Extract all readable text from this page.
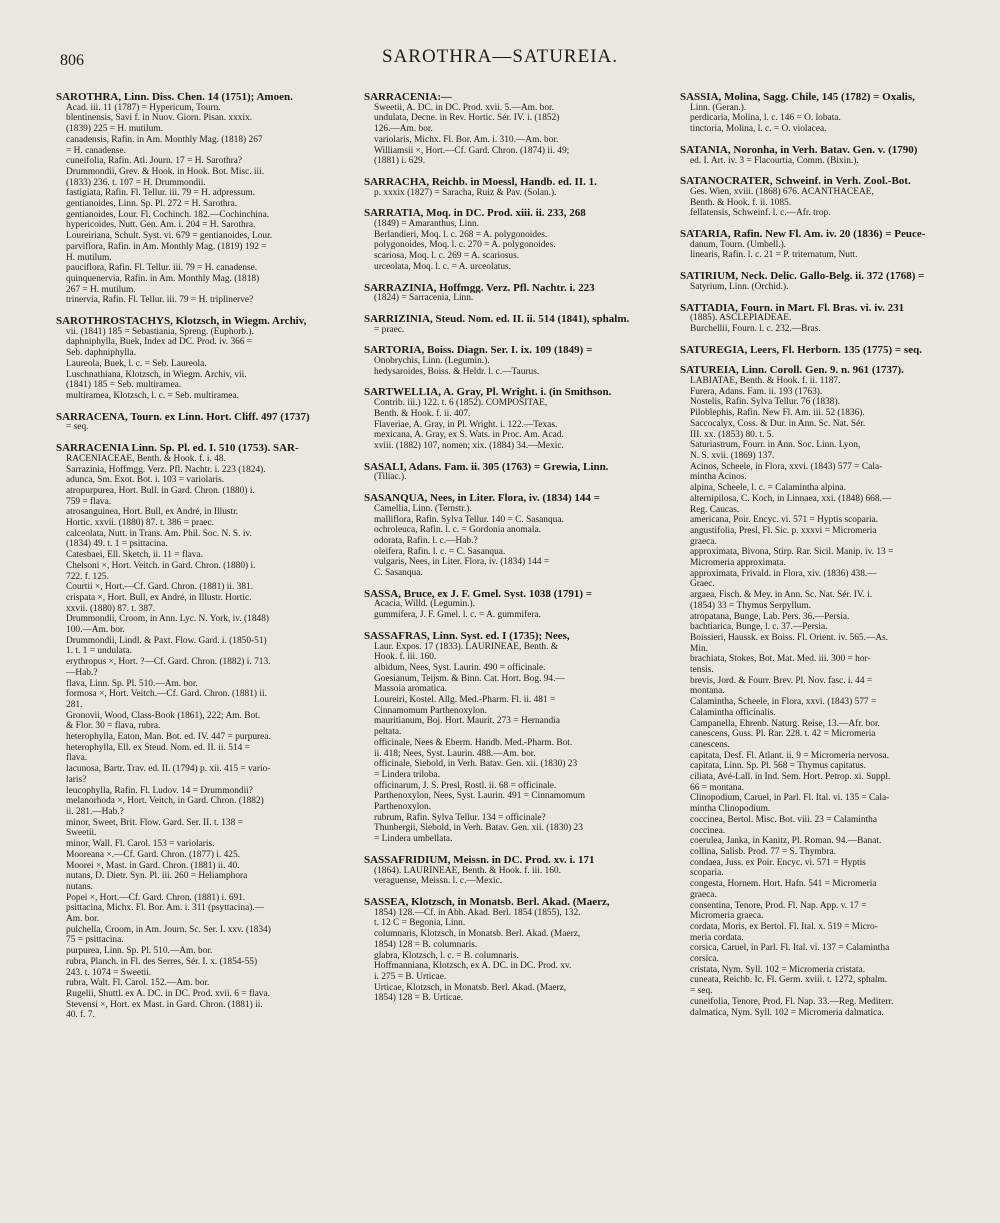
806	SAROTHRA—SATUREIA.
SAROTHRA, Linn. Diss. Chen. 14 (1751); Amoen.
Acad. iii. 11 (1787) = Hypericum, Tourn.
blentinensis, Savi f. in Nuov. Giorn. Pisan. xxxix.
(1839) 225 = H. mutilum.
canadensis, Rafin. in Am. Monthly Mag. (1818) 267
= H. canadense.
cuneifolia, Rafin. Atl. Journ. 17 = H. Sarothra?
Drummondii, Grev. & Hook. in Hook. Bot. Misc. iii.
(1833) 236. t. 107 = H. Drummondii.
fastigiata, Rafin. Fl. Tellur. iii. 79 = H. adpressum.
gentianoides, Linn. Sp. Pl. 272 = H. Sarothra.
gentianoides, Lour. Fl. Cochinch. 182.—Cochinchina.
hypericoides, Nutt. Gen. Am. i. 204 = H. Sarothra.
Loureiriana, Schult. Syst. vi. 679 = gentianoides, Lour.
parviflora, Rafin. in Am. Monthly Mag. (1819) 192 =
H. mutilum.
pauciflora, Rafin. Fl. Tellur. iii. 79 = H. canadense.
quinquenervia, Rafin. in Am. Monthly Mag. (1818)
267 = H. mutilum.
trinervia, Rafin. Fl. Tellur. iii. 79 = H. triplinerve?
SAROTHROSTACHYS, Klotzsch, in Wiegm. Archiv,
vii. (1841) 185 = Sebastiania, Spreng. (Euphorb.).
daphniphylla, Buek, Index ad DC. Prod. iv. 366 =
Seb. daphniphylla.
Laureola, Buek, l. c. = Seb. Laureola.
Luschnathiana, Klotzsch, in Wiegm. Archiv, vii.
(1841) 185 = Seb. multiramea.
multiramea, Klotzsch, l. c. = Seb. multiramea.
SARRACENA, Tourn. ex Linn. Hort. Cliff. 497 (1737)
= seq.
SARRACENIA Linn. Sp. Pl. ed. I. 510 (1753). SAR-
RACENIACEAE, Benth. & Hook. f. i. 48.
Sarrazinia, Hoffmgg. Verz. Pfl. Nachtr. i. 223 (1824).
adunca, Sm. Exot. Bot. i. 103 = variolaris.
atropurpurea, Hort. Bull. in Gard. Chron. (1880) i.
759 = flava.
atrosanguinea, Hort. Bull, ex André, in Illustr.
Hortic. xxvii. (1880) 87. t. 386 = praec.
calceolata, Nutt. in Trans. Am. Phil. Soc. N. S. iv.
(1834) 49. t. 1 = psittacina.
Catesbaei, Ell. Sketch, ii. 11 = flava.
Chelsoni ×, Hort. Veitch. in Gard. Chron. (1880) i.
722. f. 125.
Courtii ×, Hort.—Cf. Gard. Chron. (1881) ii. 381.
crispata ×, Hort. Bull, ex André, in Illustr. Hortic.
xxvii. (1880) 87. t. 387.
Drummondii, Croom, in Ann. Lyc. N. York, iv. (1848)
100.—Am. bor.
Drummondii, Lindl. & Paxt. Flow. Gard. i. (1850-51)
1. t. 1 = undulata.
erythropus ×, Hort. ?—Cf. Gard. Chron. (1882) i. 713.
—Hab.?
flava, Linn. Sp. Pl. 510.—Am. bor.
formosa ×, Hort. Veitch.—Cf. Gard. Chron. (1881) ii.
281.
Gronovii, Wood, Class-Book (1861), 222; Am. Bot.
& Flor. 30 = flava, rubra.
heterophylla, Eaton, Man. Bot. ed. IV. 447 = purpurea.
heterophylla, Ell. ex Steud. Nom. ed. II. ii. 514 =
flava.
lacunosa, Bartr. Trav. ed. II. (1794) p. xii. 415 = vario-
laris?
leucophylla, Rafin. Fl. Ludov. 14 = Drummondii?
melanorhoda ×, Hort. Veitch, in Gard. Chron. (1882)
ii. 281.—Hab.?
minor, Sweet, Brit. Flow. Gard. Ser. II. t. 138 =
Sweetii.
minor, Wall. Fl. Carol. 153 = variolaris.
Mooreana ×.—Cf. Gard. Chron. (1877) i. 425.
Moorei ×, Mast. in Gard. Chron. (1881) ii. 40.
nutans, D. Dietr. Syn. Pl. iii. 260 = Heliamphora
nutans.
Popei ×, Hort.—Cf. Gard. Chron. (1881) i. 691.
psittacina, Michx. Fl. Bor. Am. i. 311 (psyttacina).—
Am. bor.
pulchella, Croom, in Am. Journ. Sc. Ser. I. xxv. (1834)
75 = psittacina.
purpurea, Linn. Sp. Pl. 510.—Am. bor.
rubra, Planch. in Fl. des Serres, Sér. I. x. (1854-55)
243. t. 1074 = Sweetii.
rubra, Walt. Fl. Carol. 152.—Am. bor.
Rugelii, Shuttl. ex A. DC. in DC. Prod. xvii. 6 = flava.
Stevensi ×, Hort. ex Mast. in Gard. Chron. (1881) ii.
40. f. 7.
SARRACENIA:—
Sweetii, A. DC. in DC. Prod. xvii. 5.—Am. bor.
undulata, Decne. in Rev. Hortic. Sér. IV. i. (1852)
126.—Am. bor.
variolaris, Michx. Fl. Bor. Am. i. 310.—Am. bor.
Williamsii ×, Hort.—Cf. Gard. Chron. (1874) ii. 49;
(1881) i. 629.
SARRACHA, Reichb. in Moessl, Handb. ed. II. 1.
p. xxxix (1827) = Saracha, Ruiz & Pav. (Solan.).
SARRATIA, Moq. in DC. Prod. xiii. ii. 233, 268
(1849) = Amaranthus, Linn.
Berlandieri, Moq. l. c. 268 = A. polygonoides.
polygonoides, Moq. l. c. 270 = A. polygonoides.
scariosa, Moq. l. c. 269 = A. scariosus.
urceolata, Moq. l. c. = A. urceolatus.
SARRAZINIA, Hoffmgg. Verz. Pfl. Nachtr. i. 223
(1824) = Sarracenia, Linn.
SARRIZINIA, Steud. Nom. ed. II. ii. 514 (1841), sphalm.
= praec.
SARTORIA, Boiss. Diagn. Ser. I. ix. 109 (1849) =
Onobrychis, Linn. (Legumin.).
hedysaroides, Boiss. & Heldr. l. c.—Taurus.
SARTWELLIA, A. Gray, Pl. Wright. i. (in Smithson.
Contrib. iii.) 122. t. 6 (1852). COMPOSITAE,
Benth. & Hook. f. ii. 407.
Flaveriae, A. Gray, in Pl. Wright. i. 122.—Texas.
mexicana, A. Gray, ex S. Wats. in Proc. Am. Acad.
xviii. (1882) 107, nomen; xix. (1884) 34.—Mexic.
SASALI, Adans. Fam. ii. 305 (1763) = Grewia, Linn.
(Tiliac.).
SASANQUA, Nees, in Liter. Flora, iv. (1834) 144 =
Camellia, Linn. (Ternstr.).
malliflora, Rafin. Sylva Tellur. 140 = C. Sasanqua.
ochroleuca, Rafin. l. c. = Gordonia anomala.
odorata, Rafin. l. c.—Hab.?
oleifera, Rafin. l. c. = C. Sasanqua.
vulgaris, Nees, in Liter. Flora, iv. (1834) 144 =
C. Sasanqua.
SASSA, Bruce, ex J. F. Gmel. Syst. 1038 (1791) =
Acacia, Willd. (Legumin.).
gummifera, J. F. Gmel. l. c. = A. gummifera.
SASSAFRAS, Linn. Syst. ed. I (1735); Nees,
Laur. Expos. 17 (1833). LAURINEAE, Benth. &
Hook. f. iii. 160.
albidum, Nees, Syst. Laurin. 490 = officinale.
Goesianum, Teijsm. & Binn. Cat. Hort. Bog. 94.—
Massoia aromatica.
Loureiri, Kostel. Allg. Med.-Pharm. Fl. ii. 481 =
Cinnamomum Parthenoxylon.
mauritianum, Boj. Hort. Maurit. 273 = Hernandia
peltata.
officinale, Nees & Eberm. Handb. Med.-Pharm. Bot.
ii. 418; Nees, Syst. Laurin. 488.—Am. bor.
officinale, Siebold, in Verh. Batav. Gen. xii. (1830) 23
= Lindera triloba.
officinarum, J. S. Presl, Rostl. ii. 68 = officinale.
Parthenoxylon, Nees, Syst. Laurin. 491 = Cinnamomum
Parthenoxylon.
rubrum, Rafin. Sylva Tellur. 134 = officinale?
Thunbergii, Siebold, in Verh. Batav. Gen. xii. (1830) 23
= Lindera umbellata.
SASSAFRIDIUM, Meissn. in DC. Prod. xv. i. 171
(1864). LAURINEAE, Benth. & Hook. f. iii. 160.
veraguense, Meissn. l. c.—Mexic.
SASSEA, Klotzsch, in Monatsb. Berl. Akad. (Maerz,
1854) 128.—Cf. in Abh. Akad. Berl. 1854 (1855), 132.
t. 12 C = Begonia, Linn.
columnaris, Klotzsch, in Monatsb. Berl. Akad. (Maerz,
1854) 128 = B. columnaris.
glabra, Klotzsch, l. c. = B. columnaris.
Hoffmanniana, Klotzsch, ex A. DC. in DC. Prod. xv.
i. 275 = B. Urticae.
Urticae, Klotzsch, in Monatsb. Berl. Akad. (Maerz,
1854) 128 = B. Urticae.
SASSIA, Molina, Sagg. Chile, 145 (1782) = Oxalis,
Linn. (Geran.).
perdicaria, Molina, l. c. 146 = O. lobata.
tinctoria, Molina, l. c. = O. violacea.
SATANIA, Noronha, in Verh. Batav. Gen. v. (1790)
ed. I. Art. iv. 3 = Flacourtia, Comm. (Bixin.).
SATANOCRATER, Schweinf. in Verh. Zool.-Bot.
Ges. Wien, xviii. (1868) 676. ACANTHACEAE,
Benth. & Hook. f. ii. 1085.
fellatensis, Schweinf. l. c.—Afr. trop.
SATARIA, Rafin. New Fl. Am. iv. 20 (1836) = Peuce-
danum, Tourn. (Umbell.).
linearis, Rafin. l. c. 21 = P. triternatum, Nutt.
SATIRIUM, Neck. Delic. Gallo-Belg. ii. 372 (1768) =
Satyrium, Linn. (Orchid.).
SATTADIA, Fourn. in Mart. Fl. Bras. vi. iv. 231
(1885). ASCLEPIADEAE.
Burchellii, Fourn. l. c. 232.—Bras.
SATUREGIA, Leers, Fl. Herborn. 135 (1775) = seq.
SATUREIA, Linn. Coroll. Gen. 9. n. 961 (1737).
LABIATAE, Benth. & Hook. f. ii. 1187.
Furera, Adans. Fam. ii. 193 (1763).
Nostelis, Rafin. Sylva Tellur. 76 (1838).
Piloblephis, Rafin. New Fl. Am. iii. 52 (1836).
Saccocalyx, Coss. & Dur. in Ann. Sc. Nat. Sér.
III. xx. (1853) 80. t. 5.
Saturiastrum, Fourr. in Ann. Soc. Linn. Lyon,
N. S. xvii. (1869) 137.
Acinos, Scheele, in Flora, xxvi. (1843) 577 = Cala-
mintha Acinos.
alpina, Scheele, l. c. = Calamintha alpina.
alternipilosa, C. Koch, in Linnaea, xxi. (1848) 668.—
Reg. Caucas.
americana, Poir. Encyc. vi. 571 = Hyptis scoparia.
angustifolia, Presl, Fl. Sic. p. xxxvi = Micromeria
graeca.
approximata, Bivona, Stirp. Rar. Sicil. Manip. iv. 13 =
Micromeria approximata.
approximata, Frivald. in Flora, xiv. (1836) 438.—
Graec.
argaea, Fisch. & Mey. in Ann. Sc. Nat. Sér. IV. i.
(1854) 33 = Thymus Serpyllum.
atropatana, Bunge, Lab. Pers. 36.—Persia.
bachtiarica, Bunge, l. c. 37.—Persia.
Boissieri, Haussk. ex Boiss. Fl. Orient. iv. 565.—As.
Min.
brachiata, Stokes, Bot. Mat. Med. iii. 300 = hor-
tensis.
brevis, Jord. & Fourr. Brev. Pl. Nov. fasc. i. 44 =
montana.
Calamintha, Scheele, in Flora, xxvi. (1843) 577 =
Calamintha officinalis.
Campanella, Ehrenb. Naturg. Reise, 13.—Afr. bor.
canescens, Guss. Pl. Rar. 228. t. 42 = Micromeria
canescens.
capitata, Desf. Fl. Atlant. ii. 9 = Micromeria nervosa.
capitata, Linn. Sp. Pl. 568 = Thymus capitatus.
ciliata, Avé-Lall. in Ind. Sem. Hort. Petrop. xi. Suppl.
66 = montana.
Clinopodium, Caruel, in Parl. Fl. Ital. vi. 135 = Cala-
mintha Clinopodium.
coccinea, Bertol. Misc. Bot. viii. 23 = Calamintha
coccinea.
coerulea, Janka, in Kanitz, Pl. Roman. 94.—Banat.
collina, Salisb. Prod. 77 = S. Thymbra.
condaea, Juss. ex Poir. Encyc. vi. 571 = Hyptis
scoparia.
congesta, Hornem. Hort. Hafn. 541 = Micromeria
graeca.
consentina, Tenore, Prod. Fl. Nap. App. v. 17 =
Micromeria graeca.
cordata, Moris, ex Bertol. Fl. Ital. x. 519 = Micro-
meria cordata.
corsica, Caruel, in Parl. Fl. Ital. vi. 137 = Calamintha
corsica.
cristata, Nym. Syll. 102 = Micromeria cristata.
cuneata, Reichb. Ic. Fl. Germ. xviii. t. 1272, sphalm.
= seq.
cuneifolia, Tenore, Prod. Fl. Nap. 33.—Reg. Mediterr.
dalmatica, Nym. Syll. 102 = Micromeria dalmatica.
